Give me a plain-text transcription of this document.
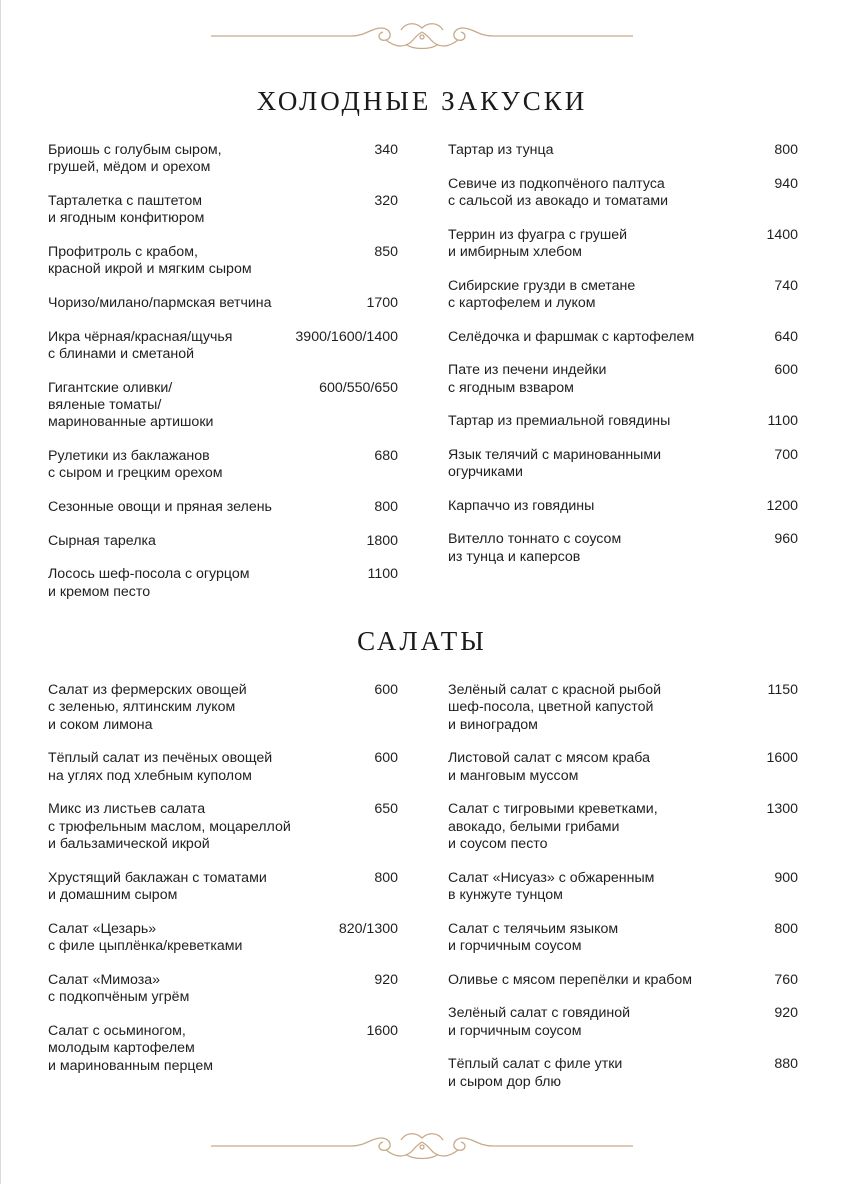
ХОЛОДНЫЕ ЗАКУСКИ
Бриошь с голубым сыром,
грушей, мёдом и орехом
340
Тарталетка с паштетом
и ягодным конфитюром
320
Профитроль с крабом,
красной икрой и мягким сыром
850
Чоризо/милано/пармская ветчина	1700
Икра чёрная/красная/щучья
с блинами и сметаной
3900/1600/1400
Гигантские оливки/
вяленые томаты/
маринованные артишоки
600/550/650
Рулетики из баклажанов
с сыром и грецким орехом
680
Сезонные овощи и пряная зелень	800
Сырная тарелка	1800
Лосось шеф-посола с огурцом
и кремом песто
1100
Тартар из тунца	800
Севиче из подкопчёного палтуса
с сальсой из авокадо и томатами
940
Террин из фуагра с грушей
и имбирным хлебом
1400
Сибирские грузди в сметане
с картофелем и луком
740
Селёдочка и фаршмак с картофелем	640
Пате из печени индейки
с ягодным взваром
600
Тартар из премиальной говядины	1100
Язык телячий с маринованными
огурчиками
700
Карпаччо из говядины	1200
Вителло тоннато с соусом
из тунца и каперсов
960
САЛАТЫ
Салат из фермерских овощей
с зеленью, ялтинским луком
и соком лимона
600
Тёплый салат из печёных овощей
на углях под хлебным куполом
600
Микс из листьев салата
с трюфельным маслом, моцареллой
и бальзамической икрой
650
Хрустящий баклажан с томатами
и домашним сыром
800
Салат «Цезарь»
с филе цыплёнка/креветками
820/1300
Салат «Мимоза»
с подкопчёным угрём
920
Салат с осьминогом,
молодым картофелем
и маринованным перцем
1600
Зелёный салат с красной рыбой
шеф-посола, цветной капустой
и виноградом
1150
Листовой салат с мясом краба
и манговым муссом
1600
Салат с тигровыми креветками,
авокадо, белыми грибами
и соусом песто
1300
Салат «Нисуаз» с обжаренным
в кунжуте тунцом
900
Салат с телячьим языком
и горчичным соусом
800
Оливье с мясом перепёлки и крабом	760
Зелёный салат с говядиной
и горчичным соусом
920
Тёплый салат с филе утки
и сыром дор блю
880
